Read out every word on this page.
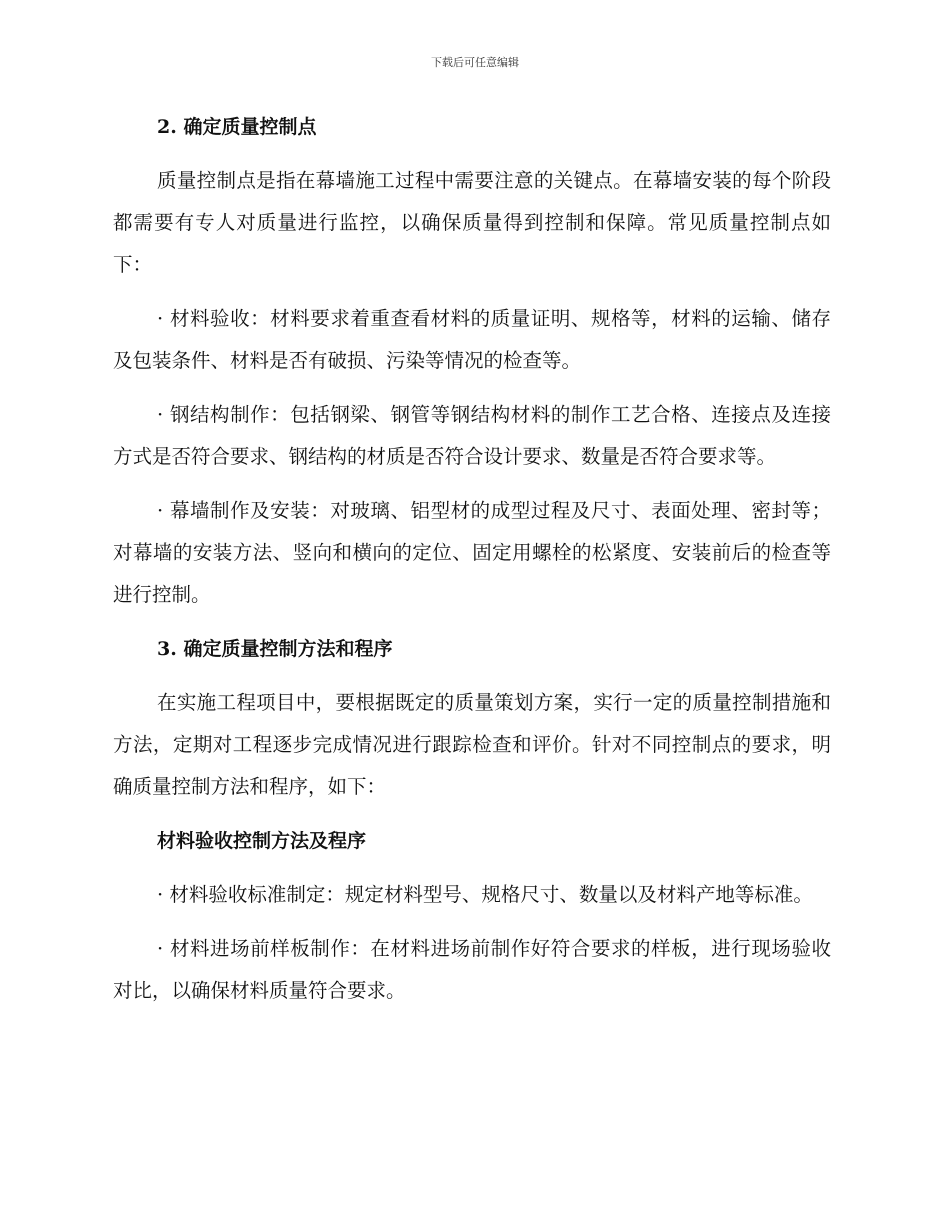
下载后可任意编辑
2. 确定质量控制点
质量控制点是指在幕墙施工过程中需要注意的关键点。在幕墙安装的每个阶段都需要有专人对质量进行监控，以确保质量得到控制和保障。常见质量控制点如下：
· 材料验收：材料要求着重查看材料的质量证明、规格等，材料的运输、储存及包装条件、材料是否有破损、污染等情况的检查等。
· 钢结构制作：包括钢梁、钢管等钢结构材料的制作工艺合格、连接点及连接方式是否符合要求、钢结构的材质是否符合设计要求、数量是否符合要求等。
· 幕墙制作及安装：对玻璃、铝型材的成型过程及尺寸、表面处理、密封等；对幕墙的安装方法、竖向和横向的定位、固定用螺栓的松紧度、安装前后的检查等进行控制。
3. 确定质量控制方法和程序
在实施工程项目中，要根据既定的质量策划方案，实行一定的质量控制措施和方法，定期对工程逐步完成情况进行跟踪检查和评价。针对不同控制点的要求，明确质量控制方法和程序，如下：
材料验收控制方法及程序
· 材料验收标准制定：规定材料型号、规格尺寸、数量以及材料产地等标准。
· 材料进场前样板制作：在材料进场前制作好符合要求的样板，进行现场验收对比，以确保材料质量符合要求。
